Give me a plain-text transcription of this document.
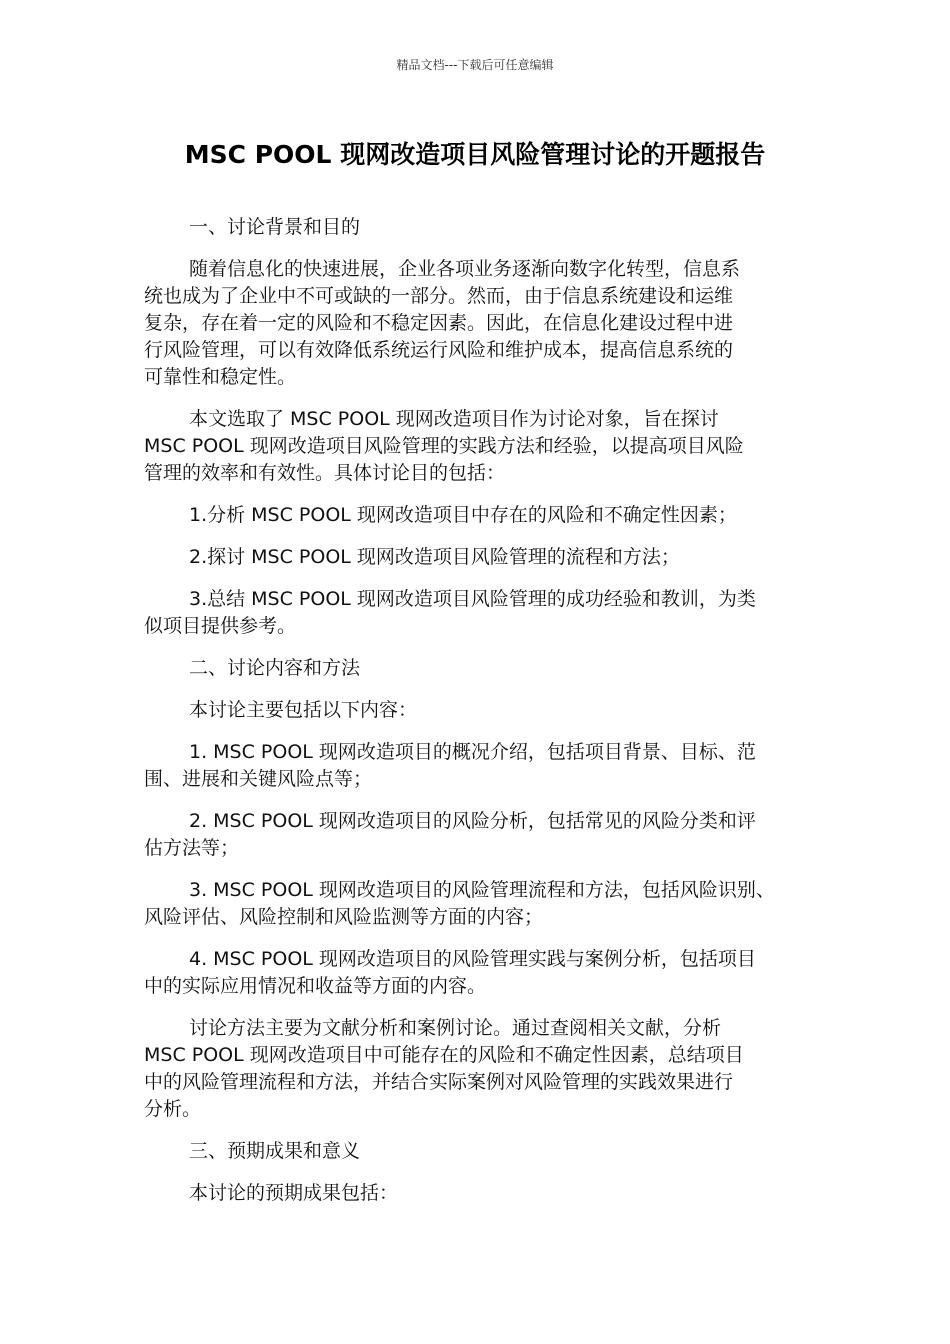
精品文档---下载后可任意编辑
MSC POOL 现网改造项目风险管理讨论的开题报告
一、讨论背景和目的
随着信息化的快速进展，企业各项业务逐渐向数字化转型，信息系
统也成为了企业中不可或缺的一部分。然而，由于信息系统建设和运维
复杂，存在着一定的风险和不稳定因素。因此，在信息化建设过程中进
行风险管理，可以有效降低系统运行风险和维护成本，提高信息系统的
可靠性和稳定性。
本文选取了 MSC POOL 现网改造项目作为讨论对象，旨在探讨
MSC POOL 现网改造项目风险管理的实践方法和经验，以提高项目风险
管理的效率和有效性。具体讨论目的包括：
1.分析 MSC POOL 现网改造项目中存在的风险和不确定性因素；
2.探讨 MSC POOL 现网改造项目风险管理的流程和方法；
3.总结 MSC POOL 现网改造项目风险管理的成功经验和教训，为类
似项目提供参考。
二、讨论内容和方法
本讨论主要包括以下内容：
1. MSC POOL 现网改造项目的概况介绍，包括项目背景、目标、范
围、进展和关键风险点等；
2. MSC POOL 现网改造项目的风险分析，包括常见的风险分类和评
估方法等；
3. MSC POOL 现网改造项目的风险管理流程和方法，包括风险识别、
风险评估、风险控制和风险监测等方面的内容；
4. MSC POOL 现网改造项目的风险管理实践与案例分析，包括项目
中的实际应用情况和收益等方面的内容。
讨论方法主要为文献分析和案例讨论。通过查阅相关文献，分析
MSC POOL 现网改造项目中可能存在的风险和不确定性因素，总结项目
中的风险管理流程和方法，并结合实际案例对风险管理的实践效果进行
分析。
三、预期成果和意义
本讨论的预期成果包括：
